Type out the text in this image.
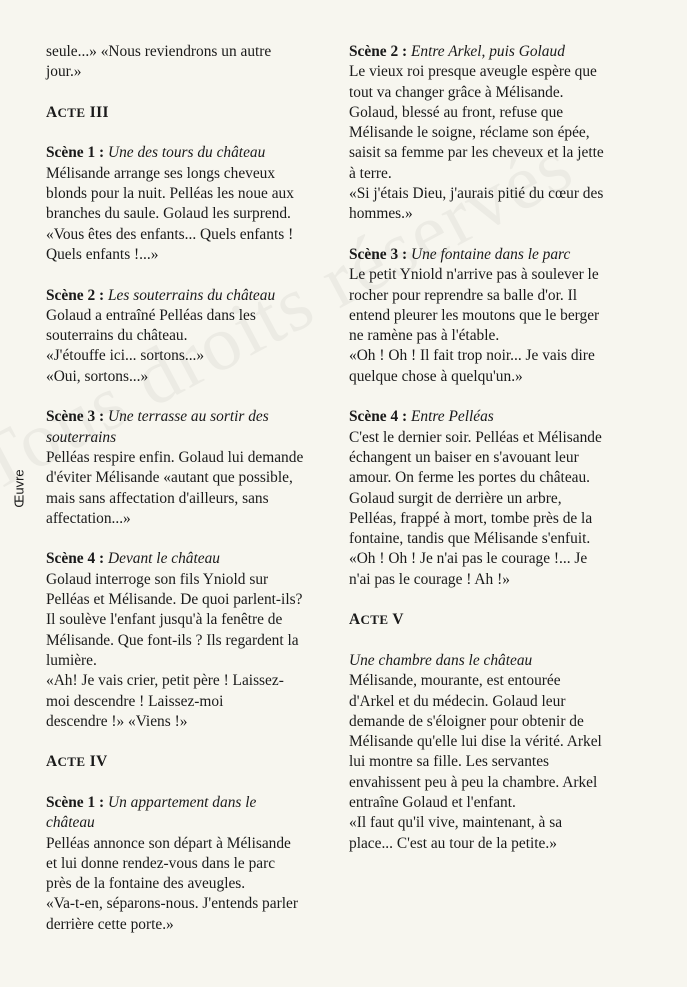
Œuvre

seule...» «Nous reviendrons un autre

jour.»

ACTE III

Scène 1 : Une des tours du château

Mélisande arrange ses longs cheveux

blonds pour la nuit. Pelléas les noue aux

branches du saule. Golaud les surprend.

«Vous êtes des enfants... Quels enfants !

Quels enfants !...»

Scène 2 : Les souterrains du château

Golaud a entraîné Pelléas dans les

souterrains du château.

«J'étouffe ici... sortons...»

«Oui, sortons...»

Scène 3 : Une terrasse au sortir des

souterrains

Pelléas respire enfin. Golaud lui demande

d'éviter Mélisande «autant que possible,

mais sans affectation d'ailleurs, sans

affectation...»

Scène 4 : Devant le château

Golaud interroge son fils Yniold sur

Pelléas et Mélisande. De quoi parlent-ils?

Il soulève l'enfant jusqu'à la fenêtre de

Mélisande. Que font-ils ? Ils regardent la

lumière.

«Ah! Je vais crier, petit père ! Laissez-

moi descendre ! Laissez-moi

descendre !» «Viens !»

ACTE IV

Scène 1 : Un appartement dans le

château

Pelléas annonce son départ à Mélisande

et lui donne rendez-vous dans le parc

près de la fontaine des aveugles.

«Va-t-en, séparons-nous. J'entends parler

derrière cette porte.»

Scène 2 : Entre Arkel, puis Golaud

Le vieux roi presque aveugle espère que

tout va changer grâce à Mélisande.

Golaud, blessé au front, refuse que

Mélisande le soigne, réclame son épée,

saisit sa femme par les cheveux et la jette

à terre.

«Si j'étais Dieu, j'aurais pitié du cœur des

hommes.»

Scène 3 : Une fontaine dans le parc

Le petit Yniold n'arrive pas à soulever le

rocher pour reprendre sa balle d'or. Il

entend pleurer les moutons que le berger

ne ramène pas à l'étable.

«Oh ! Oh ! Il fait trop noir... Je vais dire

quelque chose à quelqu'un.»

Scène 4 : Entre Pelléas

C'est le dernier soir. Pelléas et Mélisande

échangent un baiser en s'avouant leur

amour. On ferme les portes du château.

Golaud surgit de derrière un arbre,

Pelléas, frappé à mort, tombe près de la

fontaine, tandis que Mélisande s'enfuit.

«Oh ! Oh ! Je n'ai pas le courage !... Je

n'ai pas le courage ! Ah !»

ACTE V

Une chambre dans le château

Mélisande, mourante, est entourée

d'Arkel et du médecin. Golaud leur

demande de s'éloigner pour obtenir de

Mélisande qu'elle lui dise la vérité. Arkel

lui montre sa fille. Les servantes

envahissent peu à peu la chambre. Arkel

entraîne Golaud et l'enfant.

«Il faut qu'il vive, maintenant, à sa

place... C'est au tour de la petite.»
